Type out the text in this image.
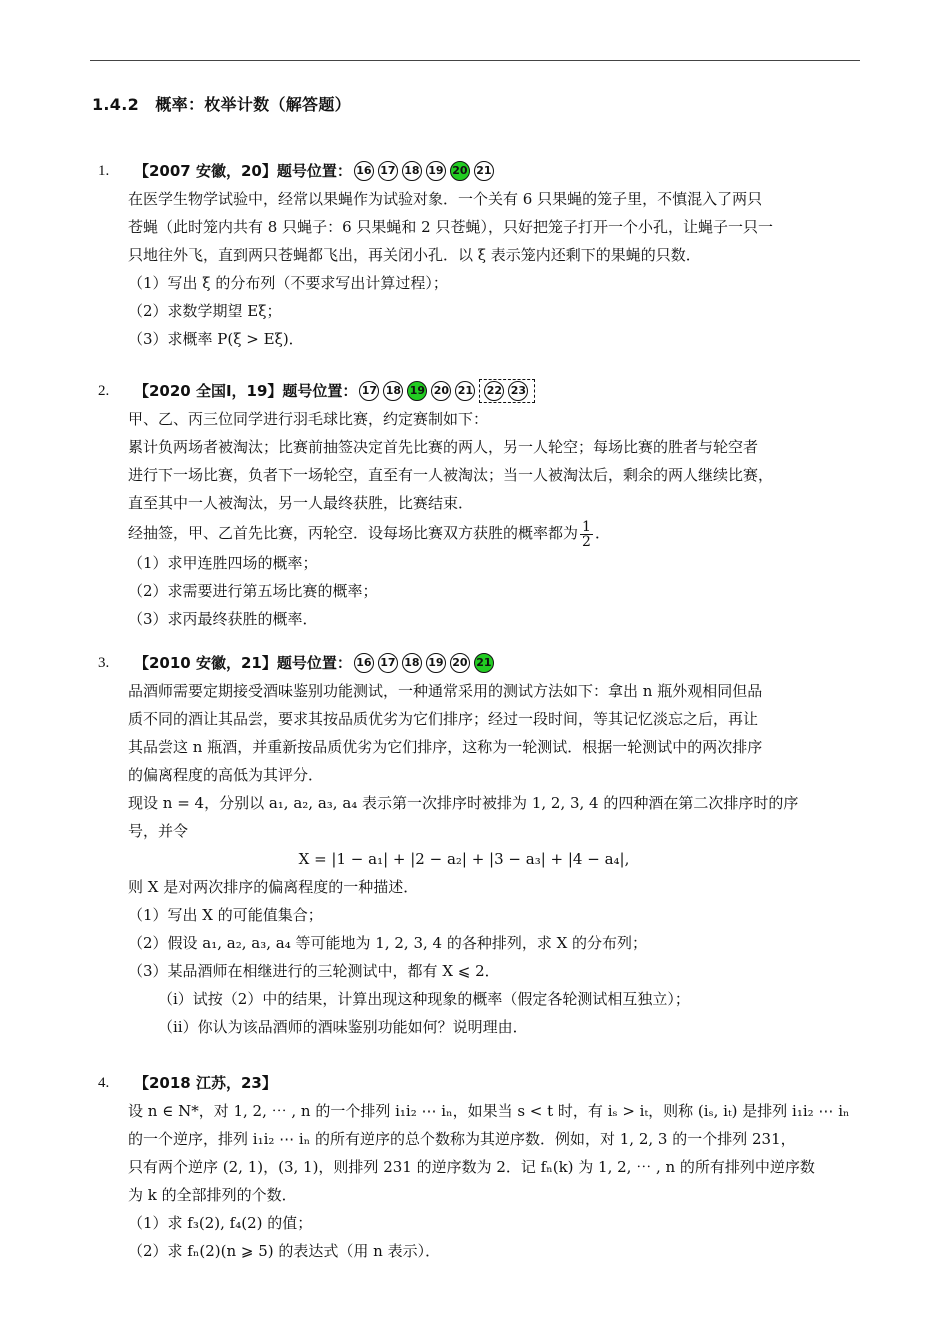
1.4.2　概率：枚举计数（解答题）
1.	【2007 安徽，20】题号位置： 16 17 18 19 20 21
在医学生物学试验中，经常以果蝇作为试验对象．一个关有 6 只果蝇的笼子里，不慎混入了两只
苍蝇（此时笼内共有 8 只蝇子：6 只果蝇和 2 只苍蝇），只好把笼子打开一个小孔，让蝇子一只一
只地往外飞，直到两只苍蝇都飞出，再关闭小孔．以 ξ 表示笼内还剩下的果蝇的只数．
（1）写出 ξ 的分布列（不要求写出计算过程）；
（2）求数学期望 Eξ；
（3）求概率 P(ξ > Eξ)．
2.	【2020 全国Ⅰ，19】题号位置： 17 18 19 20 21 22 23
甲、乙、丙三位同学进行羽毛球比赛，约定赛制如下：
累计负两场者被淘汰；比赛前抽签决定首先比赛的两人，另一人轮空；每场比赛的胜者与轮空者
进行下一场比赛，负者下一场轮空，直至有一人被淘汰；当一人被淘汰后，剩余的两人继续比赛，
直至其中一人被淘汰，另一人最终获胜，比赛结束．
经抽签，甲、乙首先比赛，丙轮空．设每场比赛双方获胜的概率都为 $\frac{1}{2}$ ．
（1）求甲连胜四场的概率；
（2）求需要进行第五场比赛的概率；
（3）求丙最终获胜的概率．
3.	【2010 安徽，21】题号位置： 16 17 18 19 20 21
品酒师需要定期接受酒味鉴别功能测试，一种通常采用的测试方法如下：拿出 n 瓶外观相同但品
质不同的酒让其品尝，要求其按品质优劣为它们排序；经过一段时间，等其记忆淡忘之后，再让
其品尝这 n 瓶酒，并重新按品质优劣为它们排序，这称为一轮测试．根据一轮测试中的两次排序
的偏离程度的高低为其评分．
现设 n = 4，分别以 a₁, a₂, a₃, a₄ 表示第一次排序时被排为 1, 2, 3, 4 的四种酒在第二次排序时的序
号，并令
X = |1 − a₁| + |2 − a₂| + |3 − a₃| + |4 − a₄|,
则 X 是对两次排序的偏离程度的一种描述．
（1）写出 X 的可能值集合；
（2）假设 a₁, a₂, a₃, a₄ 等可能地为 1, 2, 3, 4 的各种排列，求 X 的分布列；
（3）某品酒师在相继进行的三轮测试中，都有 X ⩽ 2．
（ⅰ）试按（2）中的结果，计算出现这种现象的概率（假定各轮测试相互独立）；
（ⅱ）你认为该品酒师的酒味鉴别功能如何？说明理由．
4.	【2018 江苏，23】
设 n ∈ N*，对 1, 2, ⋯ , n 的一个排列 i₁i₂ ⋯ iₙ，如果当 s < t 时，有 iₛ > iₜ，则称 (iₛ, iₜ) 是排列 i₁i₂ ⋯ iₙ
的一个逆序，排列 i₁i₂ ⋯ iₙ 的所有逆序的总个数称为其逆序数．例如，对 1, 2, 3 的一个排列 231，
只有两个逆序 (2, 1)，(3, 1)，则排列 231 的逆序数为 2．记 fₙ(k) 为 1, 2, ⋯ , n 的所有排列中逆序数
为 k 的全部排列的个数．
（1）求 f₃(2), f₄(2) 的值；
（2）求 fₙ(2)(n ⩾ 5) 的表达式（用 n 表示）．
